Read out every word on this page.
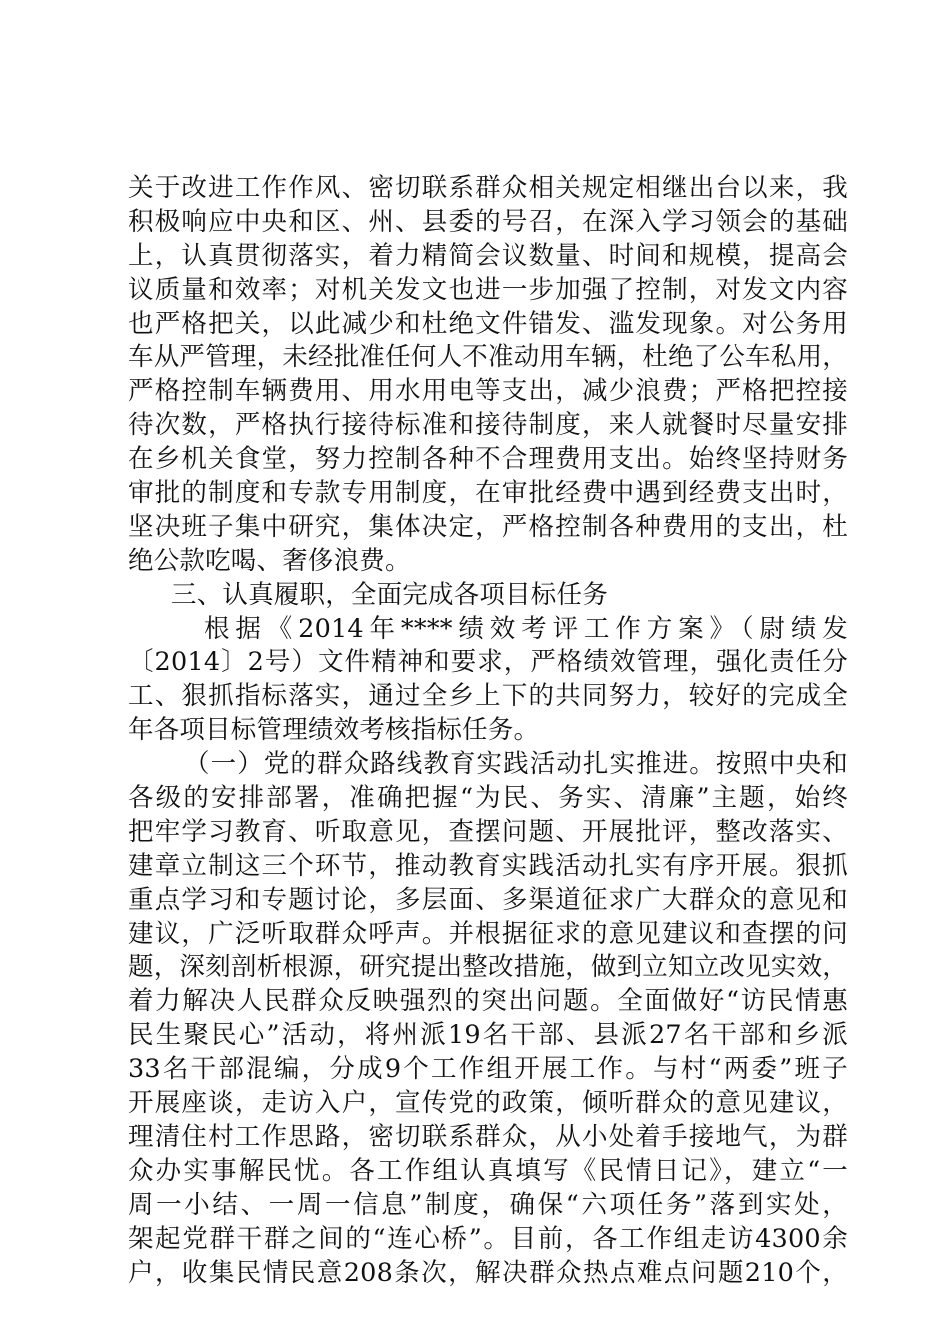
关于改进工作作风、密切联系群众相关规定相继出台以来，我
积极响应中央和区、州、县委的号召，在深入学习领会的基础
上，认真贯彻落实，着力精简会议数量、时间和规模，提高会
议质量和效率；对机关发文也进一步加强了控制，对发文内容
也严格把关，以此减少和杜绝文件错发、滥发现象。对公务用
车从严管理，未经批准任何人不准动用车辆，杜绝了公车私用，
严格控制车辆费用、用水用电等支出，减少浪费；严格把控接
待次数，严格执行接待标准和接待制度，来人就餐时尽量安排
在乡机关食堂，努力控制各种不合理费用支出。始终坚持财务
审批的制度和专款专用制度，在审批经费中遇到经费支出时，
坚决班子集中研究，集体决定，严格控制各种费用的支出，杜
绝公款吃喝、奢侈浪费。
三、认真履职，全面完成各项目标任务
根据《2014年****绩效考评工作方案》（尉绩发
〔2014〕2号）文件精神和要求，严格绩效管理，强化责任分
工、狠抓指标落实，通过全乡上下的共同努力，较好的完成全
年各项目标管理绩效考核指标任务。
（一）党的群众路线教育实践活动扎实推进。按照中央和
各级的安排部署，准确把握“为民、务实、清廉”主题，始终
把牢学习教育、听取意见，查摆问题、开展批评，整改落实、
建章立制这三个环节，推动教育实践活动扎实有序开展。狠抓
重点学习和专题讨论，多层面、多渠道征求广大群众的意见和
建议，广泛听取群众呼声。并根据征求的意见建议和查摆的问
题，深刻剖析根源，研究提出整改措施，做到立知立改见实效，
着力解决人民群众反映强烈的突出问题。全面做好“访民情惠
民生聚民心”活动，将州派19名干部、县派27名干部和乡派
33名干部混编，分成9个工作组开展工作。与村“两委”班子
开展座谈，走访入户，宣传党的政策，倾听群众的意见建议，
理清住村工作思路，密切联系群众，从小处着手接地气，为群
众办实事解民忧。各工作组认真填写《民情日记》，建立“一
周一小结、一周一信息”制度，确保“六项任务”落到实处，
架起党群干群之间的“连心桥”。目前，各工作组走访4300余
户，收集民情民意208条次，解决群众热点难点问题210个，
